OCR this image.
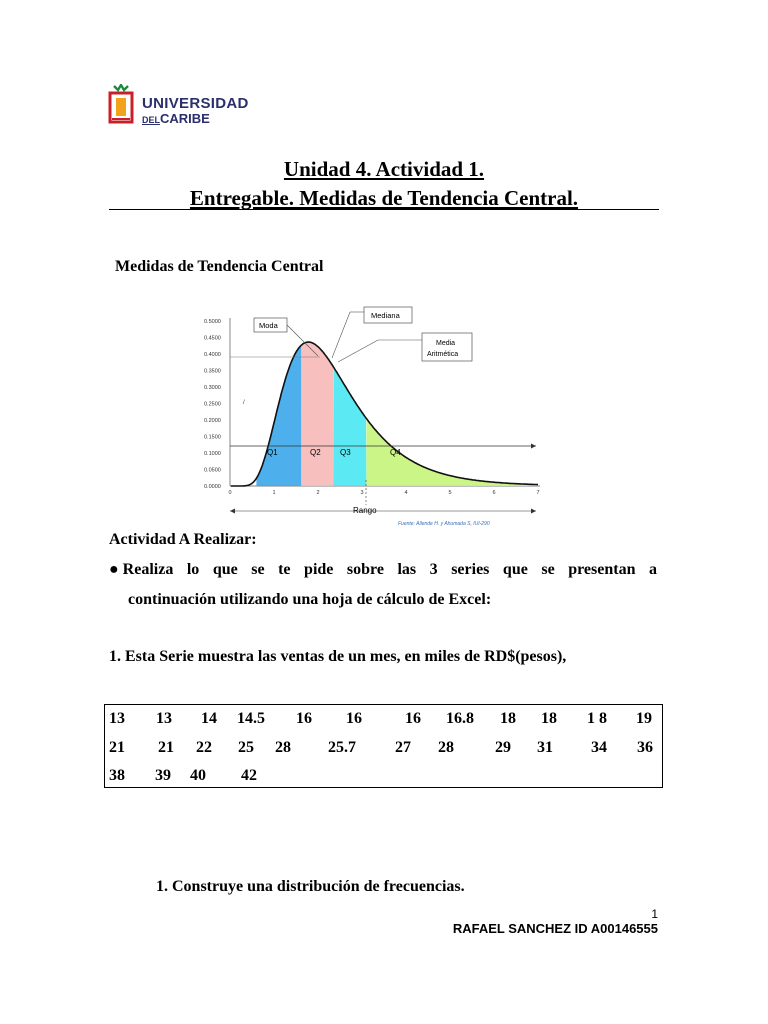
UNIVERSIDAD
DELCARIBE
Unidad 4. Actividad 1.
Entregable. Medidas de Tendencia Central.
Medidas de Tendencia Central
0.5000
0.4500
0.4000
0.3500
0.3000
0.2500
0.2000
0.1500
0.1000
0.0500
0.0000
/
Q1	Q2 Q3	Q4
0	1	2	3	4	5	6	7
Rango
Fuente: Allende H. y Ahumada S, IUI-290
Moda
Mediana
Media
Aritmética
Actividad A Realizar:
● Realiza lo que se te pide sobre las 3 series que se presentan a
continuación utilizando una hoja de cálculo de Excel:
1. Esta Serie muestra las ventas de un mes, en miles de RD$(pesos),
13 13 14 14.5 16 16	16 16.8 18 18 1 8 19
21 21 22 25 28 25.7 27 28	29 31 34 36
38 39 40 42
1. Construye una distribución de frecuencias.
1
RAFAEL SANCHEZ ID A00146555
